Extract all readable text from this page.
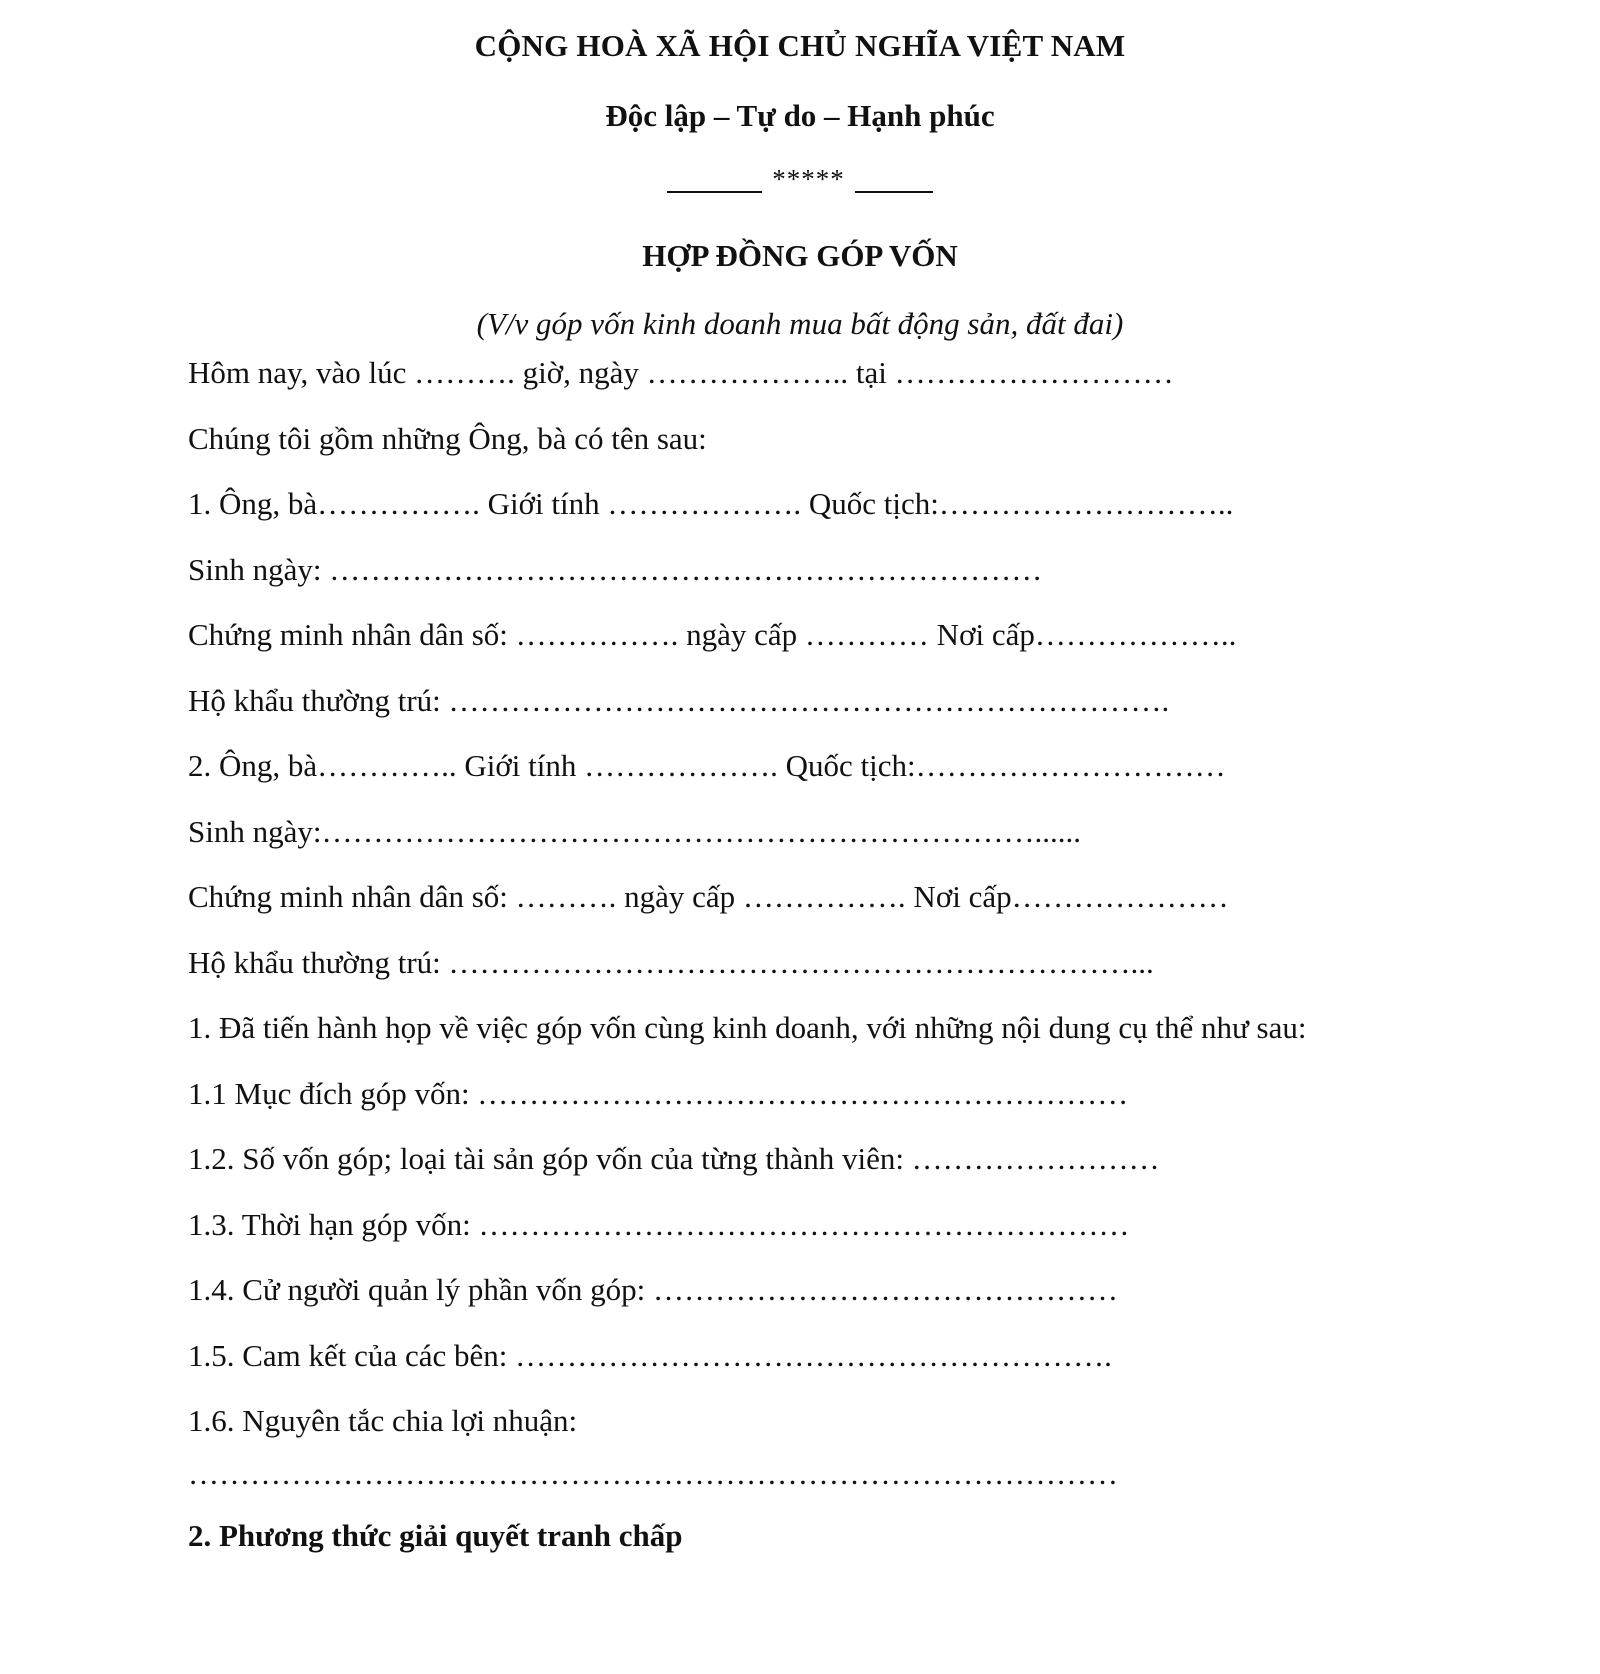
CỘNG HOÀ XÃ HỘI CHỦ NGHĨA VIỆT NAM
Độc lập – Tự do – Hạnh phúc
*****
HỢP ĐỒNG GÓP VỐN
(V/v góp vốn kinh doanh mua bất động sản, đất đai)
Hôm nay, vào lúc ………. giờ, ngày ……………….. tại ………………………
Chúng tôi gồm những Ông, bà có tên sau:
1. Ông, bà……………. Giới tính ………………. Quốc tịch:………………………..
Sinh ngày: ……………………………………………………………
Chứng minh nhân dân số: ……………. ngày cấp ………… Nơi cấp………………..
Hộ khẩu thường trú: …………………………………………………………….
2. Ông, bà………….. Giới tính ………………. Quốc tịch:…………………………
Sinh ngày:……………………………………………………………......
Chứng minh nhân dân số: ………. ngày cấp ……………. Nơi cấp…………………
Hộ khẩu thường trú: …………………………………………………………...
1. Đã tiến hành họp về việc góp vốn cùng kinh doanh, với những nội dung cụ thể như sau:
1.1 Mục đích góp vốn: ………………………………………………………
1.2. Số vốn góp; loại tài sản góp vốn của từng thành viên: ……………………
1.3. Thời hạn góp vốn: ………………………………………………………
1.4. Cử người quản lý phần vốn góp: ………………………………………
1.5. Cam kết của các bên: ………………………………………………….
1.6. Nguyên tắc chia lợi nhuận:
………………………………………………………………………………
2. Phương thức giải quyết tranh chấp
